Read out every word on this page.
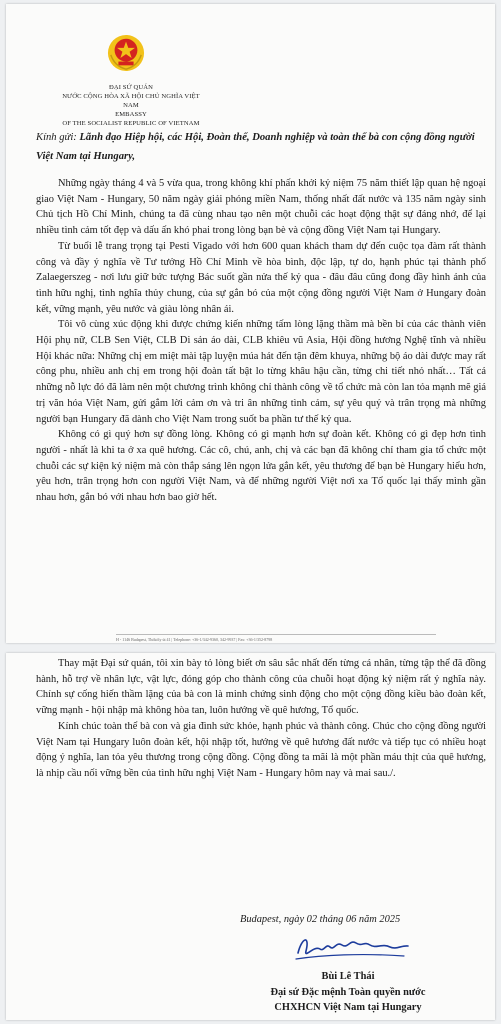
ĐẠI SỨ QUÁN
NƯỚC CỘNG HÒA XÃ HỘI CHỦ NGHĨA VIỆT NAM
EMBASSY
OF THE SOCIALIST REPUBLIC OF VIETNAM
Kính gửi: Lãnh đạo Hiệp hội, các Hội, Đoàn thể, Doanh nghiệp và toàn thể bà con cộng đồng người Việt Nam tại Hungary,

Những ngày tháng 4 và 5 vừa qua, trong không khí phấn khởi kỷ niệm 75 năm thiết lập quan hệ ngoại giao Việt Nam - Hungary, 50 năm ngày giải phóng miền Nam, thống nhất đất nước và 135 năm ngày sinh Chủ tịch Hồ Chí Minh, chúng ta đã cùng nhau tạo nên một chuỗi các hoạt động thật sự đáng nhớ, để lại nhiều tình cảm tốt đẹp và dấu ấn khó phai trong lòng bạn bè và cộng đồng Việt Nam tại Hungary.

Từ buổi lễ trang trọng tại Pesti Vigado với hơn 600 quan khách tham dự đến cuộc tọa đàm rất thành công và đầy ý nghĩa về Tư tưởng Hồ Chí Minh về hòa bình, độc lập, tự do, hạnh phúc tại thành phố Zalaegerszeg - nơi lưu giữ bức tượng Bác suốt gần nửa thế kỷ qua - đâu đâu cũng đong đầy hình ảnh của tình hữu nghị, tình nghĩa thủy chung, của sự gắn bó của một cộng đồng người Việt Nam ở Hungary đoàn kết, vững mạnh, yêu nước và giàu lòng nhân ái.

Tôi vô cùng xúc động khi được chứng kiến những tấm lòng lặng thầm mà bền bỉ của các thành viên Hội phụ nữ, CLB Sen Việt, CLB Di sản áo dài, CLB khiêu vũ Asia, Hội đồng hương Nghệ tĩnh và nhiều Hội khác nữa: Những chị em miệt mài tập luyện múa hát đến tận đêm khuya, những bộ áo dài được may rất công phu, nhiều anh chị em trong hội đoàn tất bật lo từng khâu hậu cần, từng chi tiết nhỏ nhất… Tất cả những nỗ lực đó đã làm nên một chương trình không chỉ thành công về tổ chức mà còn lan tỏa mạnh mẽ giá trị văn hóa Việt Nam, gửi gắm lời cảm ơn và tri ân những tình cảm, sự yêu quý và trân trọng mà những người bạn Hungary đã dành cho Việt Nam trong suốt ba phần tư thế kỷ qua.

Không có gì quý hơn sự đồng lòng. Không có gì mạnh hơn sự đoàn kết. Không có gì đẹp hơn tình người - nhất là khi ta ở xa quê hương. Các cô, chú, anh, chị và các bạn đã không chỉ tham gia tổ chức một chuỗi các sự kiện kỷ niệm mà còn thắp sáng lên ngọn lửa gắn kết, yêu thương để bạn bè Hungary hiểu hơn, yêu hơn, trân trọng hơn con người Việt Nam, và để những người Việt nơi xa Tổ quốc lại thấy mình gần nhau hơn, gắn bó với nhau hơn bao giờ hết.

H - 1146 Budapest, Thököly út 41 | Telephone: +36-1/342-9360, 342-9937 | Fax: +36-1/352-8798

Thay mặt Đại sứ quán, tôi xin bày tỏ lòng biết ơn sâu sắc nhất đến từng cá nhân, từng tập thể đã đồng hành, hỗ trợ về nhân lực, vật lực, đóng góp cho thành công của chuỗi hoạt động kỷ niệm rất ý nghĩa này. Chính sự cống hiến thầm lặng của bà con là minh chứng sinh động cho một cộng đồng kiều bào đoàn kết, vững mạnh - hội nhập mà không hòa tan, luôn hướng về quê hương, Tổ quốc.

Kính chúc toàn thể bà con và gia đình sức khỏe, hạnh phúc và thành công. Chúc cho cộng đồng người Việt Nam tại Hungary luôn đoàn kết, hội nhập tốt, hướng về quê hương đất nước và tiếp tục có nhiều hoạt động ý nghĩa, lan tỏa yêu thương trong cộng đồng. Cộng đồng ta mãi là một phần máu thịt của quê hương, là nhịp cầu nối vững bền của tình hữu nghị Việt Nam - Hungary hôm nay và mai sau./.

Budapest, ngày 02 tháng 06 năm 2025
Bùi Lê Thái
Đại sứ Đặc mệnh Toàn quyền nước
CHXHCN Việt Nam tại Hungary
